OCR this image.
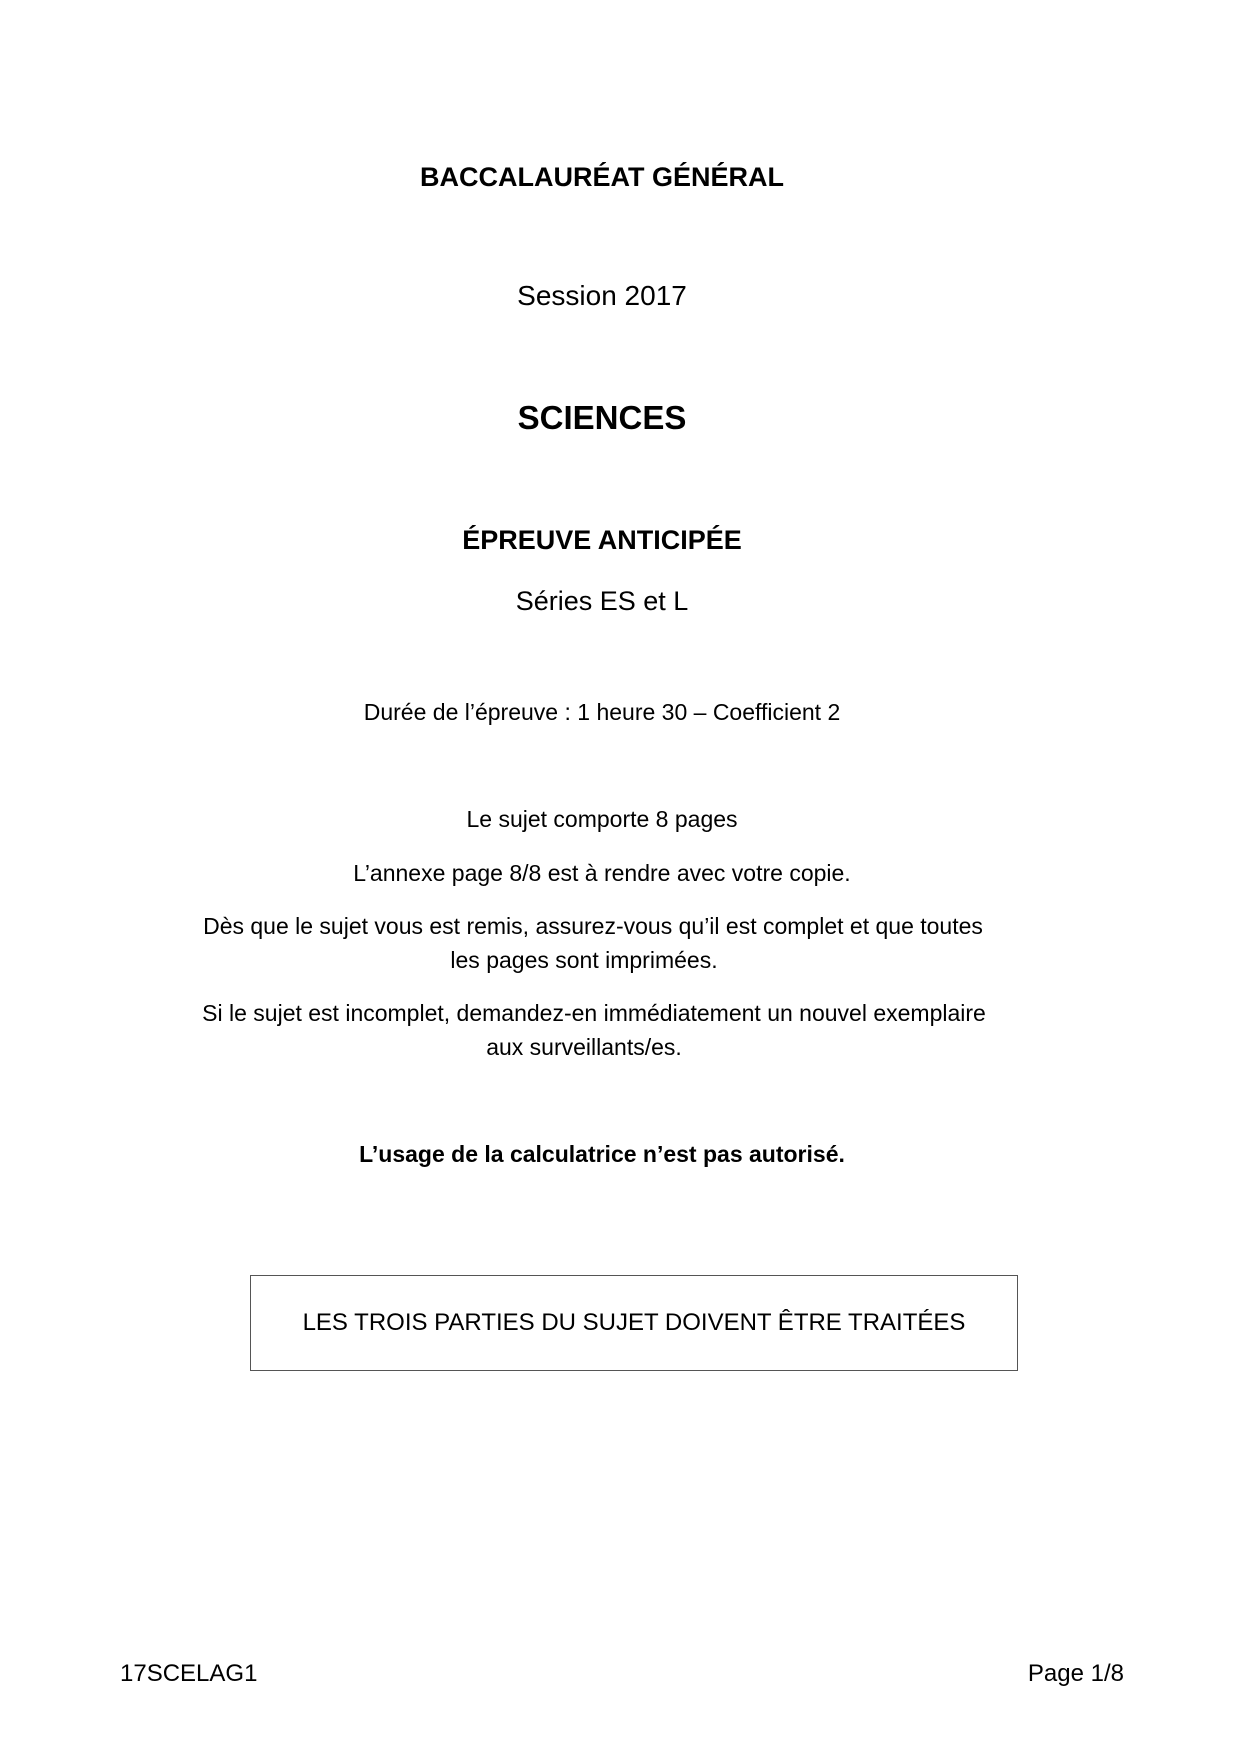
BACCALAURÉAT GÉNÉRAL
Session 2017
SCIENCES
ÉPREUVE ANTICIPÉE
Séries ES et L
Durée de l’épreuve : 1 heure 30 – Coefficient 2
Le sujet comporte 8 pages
L’annexe page 8/8 est à rendre avec votre copie.
Dès que le sujet vous est remis, assurez-vous qu’il est complet et que toutes
les pages sont imprimées.
Si le sujet est incomplet, demandez-en immédiatement un nouvel exemplaire
aux surveillants/es.
L’usage de la calculatrice n’est pas autorisé.
LES TROIS PARTIES DU SUJET DOIVENT ÊTRE TRAITÉES
17SCELAG1	Page 1/8
